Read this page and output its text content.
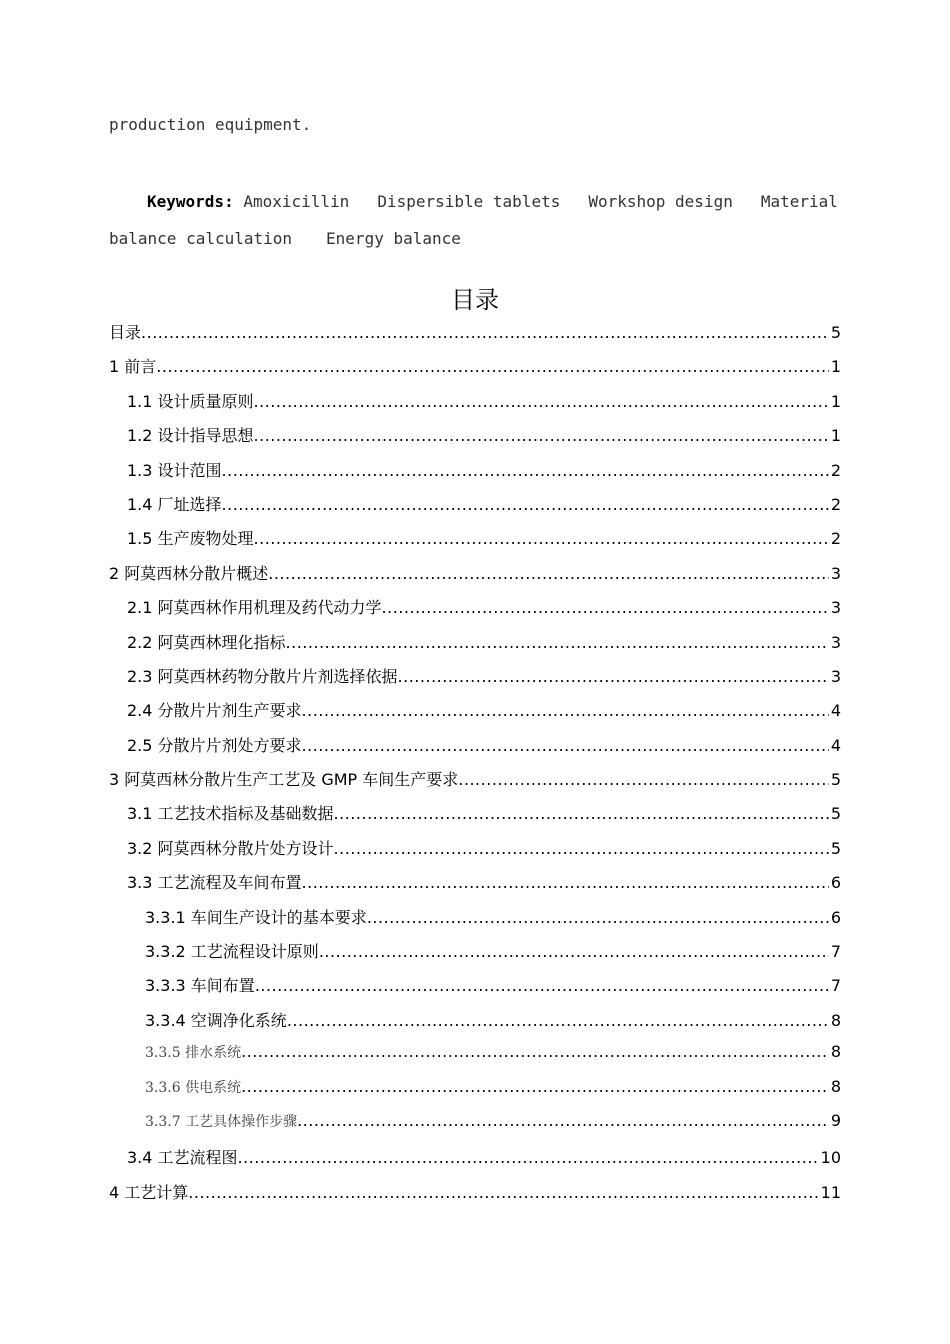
production equipment.
Keywords: Amoxicillin Dispersible tablets Workshop design Material
balance calculation Energy balance
目录
目录 .....	5
1 前言 .....	1
1.1 设计质量原则 .....	1
1.2 设计指导思想 .....	1
1.3 设计范围 .....	2
1.4 厂址选择 .....	2
1.5 生产废物处理 .....	2
2 阿莫西林分散片概述 .....	3
2.1 阿莫西林作用机理及药代动力学 .....	3
2.2 阿莫西林理化指标 .....	3
2.3 阿莫西林药物分散片片剂选择依据 .....	3
2.4 分散片片剂生产要求 .....	4
2.5 分散片片剂处方要求 .....	4
3 阿莫西林分散片生产工艺及 GMP 车间生产要求 .....	5
3.1 工艺技术指标及基础数据 .....	5
3.2 阿莫西林分散片处方设计 .....	5
3.3 工艺流程及车间布置 .....	6
3.3.1 车间生产设计的基本要求 .....	6
3.3.2 工艺流程设计原则 .....	7
3.3.3 车间布置 .....	7
3.3.4 空调净化系统 .....	8
3.3.5 排水系统 .....	8
3.3.6 供电系统 .....	8
3.3.7 工艺具体操作步骤 .....	9
3.4 工艺流程图 .....	10
4 工艺计算 .....	11
